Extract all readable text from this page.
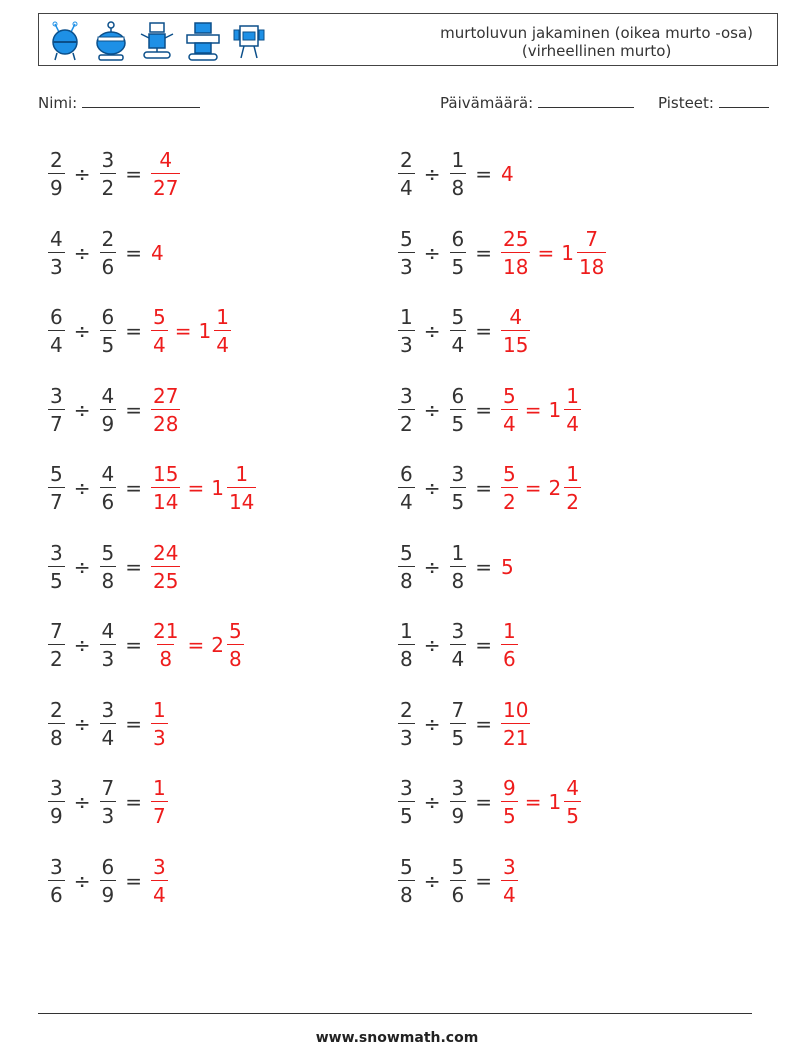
murtoluvun jakaminen (oikea murto -osa)
(virheellinen murto)
Nimi:	Päivämäärä:	Pisteet:
$\frac{2}{9} \div \frac{3}{2} = \frac{4}{27}$	$\frac{2}{4} \div \frac{1}{8} = 4$
$\frac{4}{3} \div \frac{2}{6} = 4$	$\frac{5}{3} \div \frac{6}{5} = \frac{25}{18} = 1 \frac{7}{18}$
$\frac{6}{4} \div \frac{6}{5} = \frac{5}{4} = 1 \frac{1}{4}$	$\frac{1}{3} \div \frac{5}{4} = \frac{4}{15}$
$\frac{3}{7} \div \frac{4}{9} = \frac{27}{28}$	$\frac{3}{2} \div \frac{6}{5} = \frac{5}{4} = 1 \frac{1}{4}$
$\frac{5}{7} \div \frac{4}{6} = \frac{15}{14} = 1 \frac{1}{14}$	$\frac{6}{4} \div \frac{3}{5} = \frac{5}{2} = 2 \frac{1}{2}$
$\frac{3}{5} \div \frac{5}{8} = \frac{24}{25}$	$\frac{5}{8} \div \frac{1}{8} = 5$
$\frac{7}{2} \div \frac{4}{3} = \frac{21}{8} = 2 \frac{5}{8}$	$\frac{1}{8} \div \frac{3}{4} = \frac{1}{6}$
$\frac{2}{8} \div \frac{3}{4} = \frac{1}{3}$	$\frac{2}{3} \div \frac{7}{5} = \frac{10}{21}$
$\frac{3}{9} \div \frac{7}{3} = \frac{1}{7}$	$\frac{3}{5} \div \frac{3}{9} = \frac{9}{5} = 1 \frac{4}{5}$
$\frac{3}{6} \div \frac{6}{9} = \frac{3}{4}$	$\frac{5}{8} \div \frac{5}{6} = \frac{3}{4}$
www.snowmath.com
